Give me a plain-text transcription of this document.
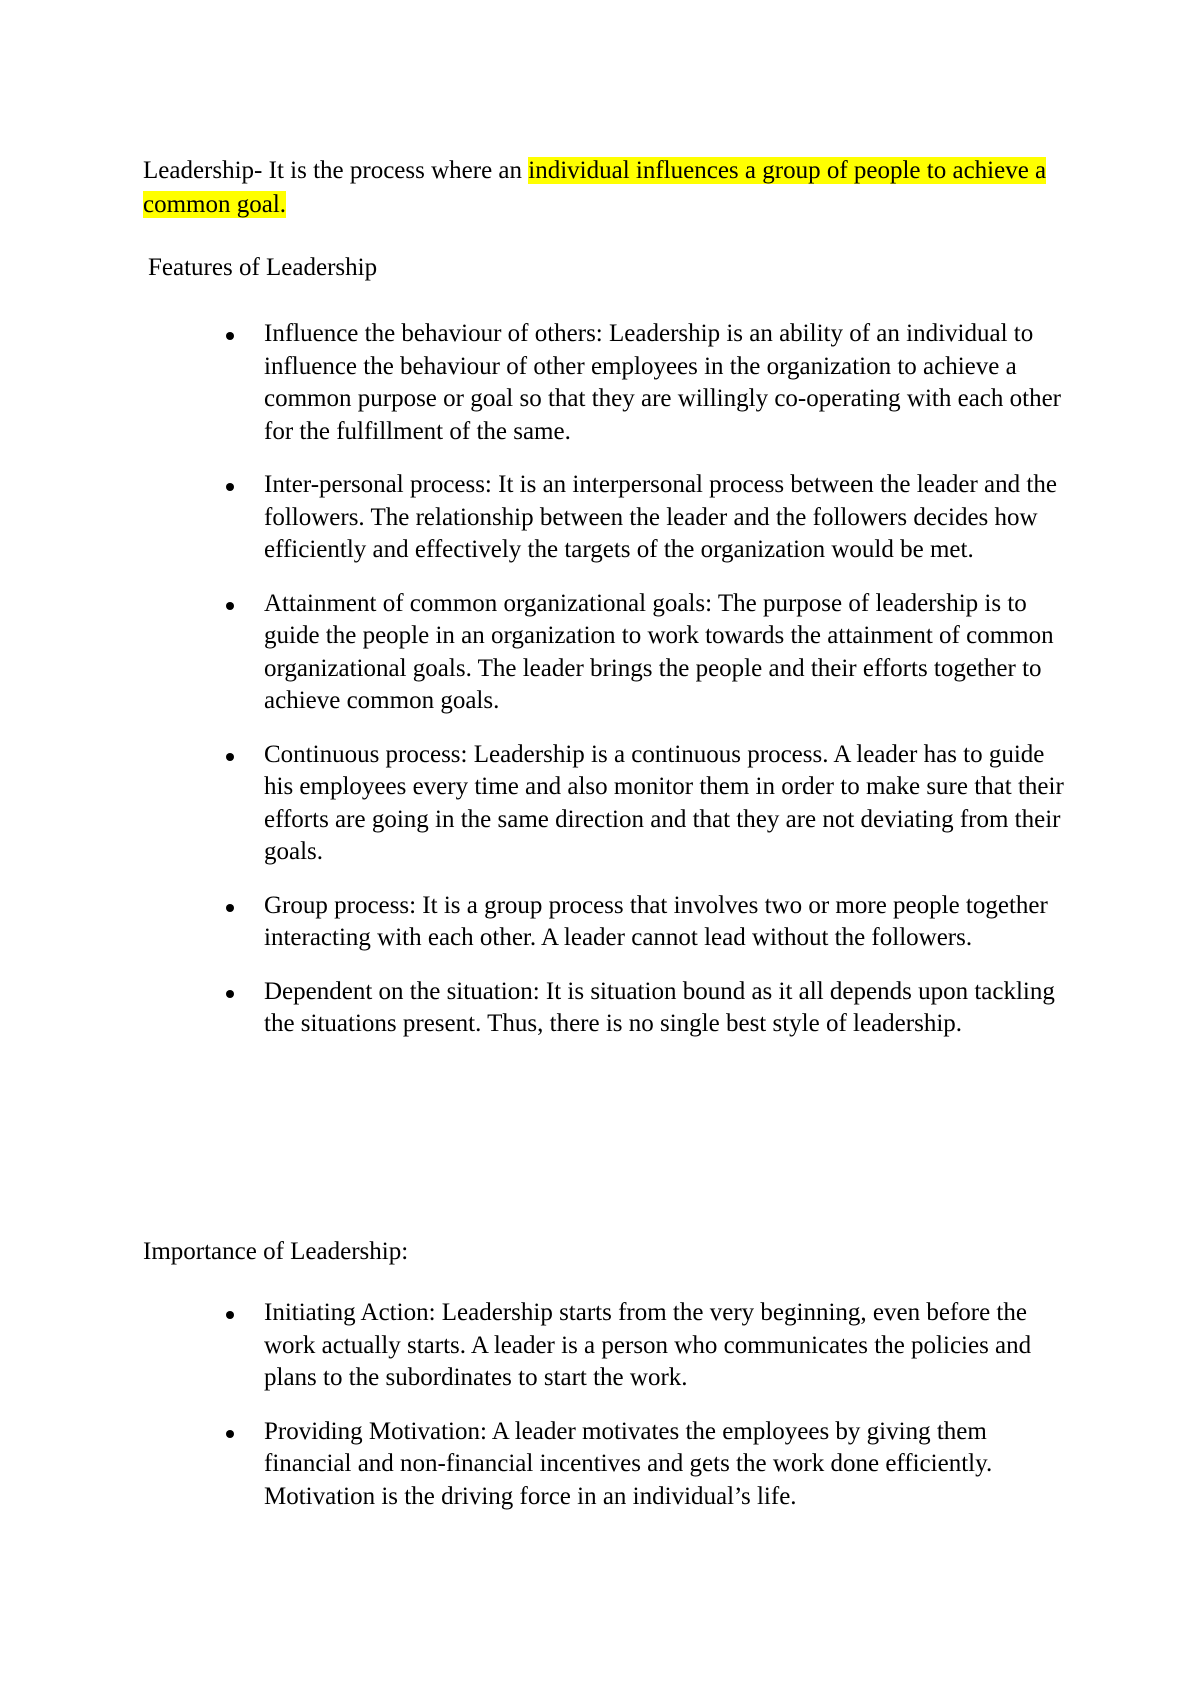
Leadership- It is the process where an individual influences a group of people to achieve a common goal.

Features of Leadership

Influence the behaviour of others: Leadership is an ability of an individual to influence the behaviour of other employees in the organization to achieve a common purpose or goal so that they are willingly co-operating with each other for the fulfillment of the same.
Inter-personal process: It is an interpersonal process between the leader and the followers. The relationship between the leader and the followers decides how efficiently and effectively the targets of the organization would be met.
Attainment of common organizational goals: The purpose of leadership is to guide the people in an organization to work towards the attainment of common organizational goals. The leader brings the people and their efforts together to achieve common goals.
Continuous process: Leadership is a continuous process. A leader has to guide his employees every time and also monitor them in order to make sure that their efforts are going in the same direction and that they are not deviating from their goals.
Group process: It is a group process that involves two or more people together interacting with each other. A leader cannot lead without the followers.
Dependent on the situation: It is situation bound as it all depends upon tackling the situations present. Thus, there is no single best style of leadership.

Importance of Leadership:

Initiating Action: Leadership starts from the very beginning, even before the work actually starts. A leader is a person who communicates the policies and plans to the subordinates to start the work.
Providing Motivation: A leader motivates the employees by giving them financial and non-financial incentives and gets the work done efficiently. Motivation is the driving force in an individual’s life.
